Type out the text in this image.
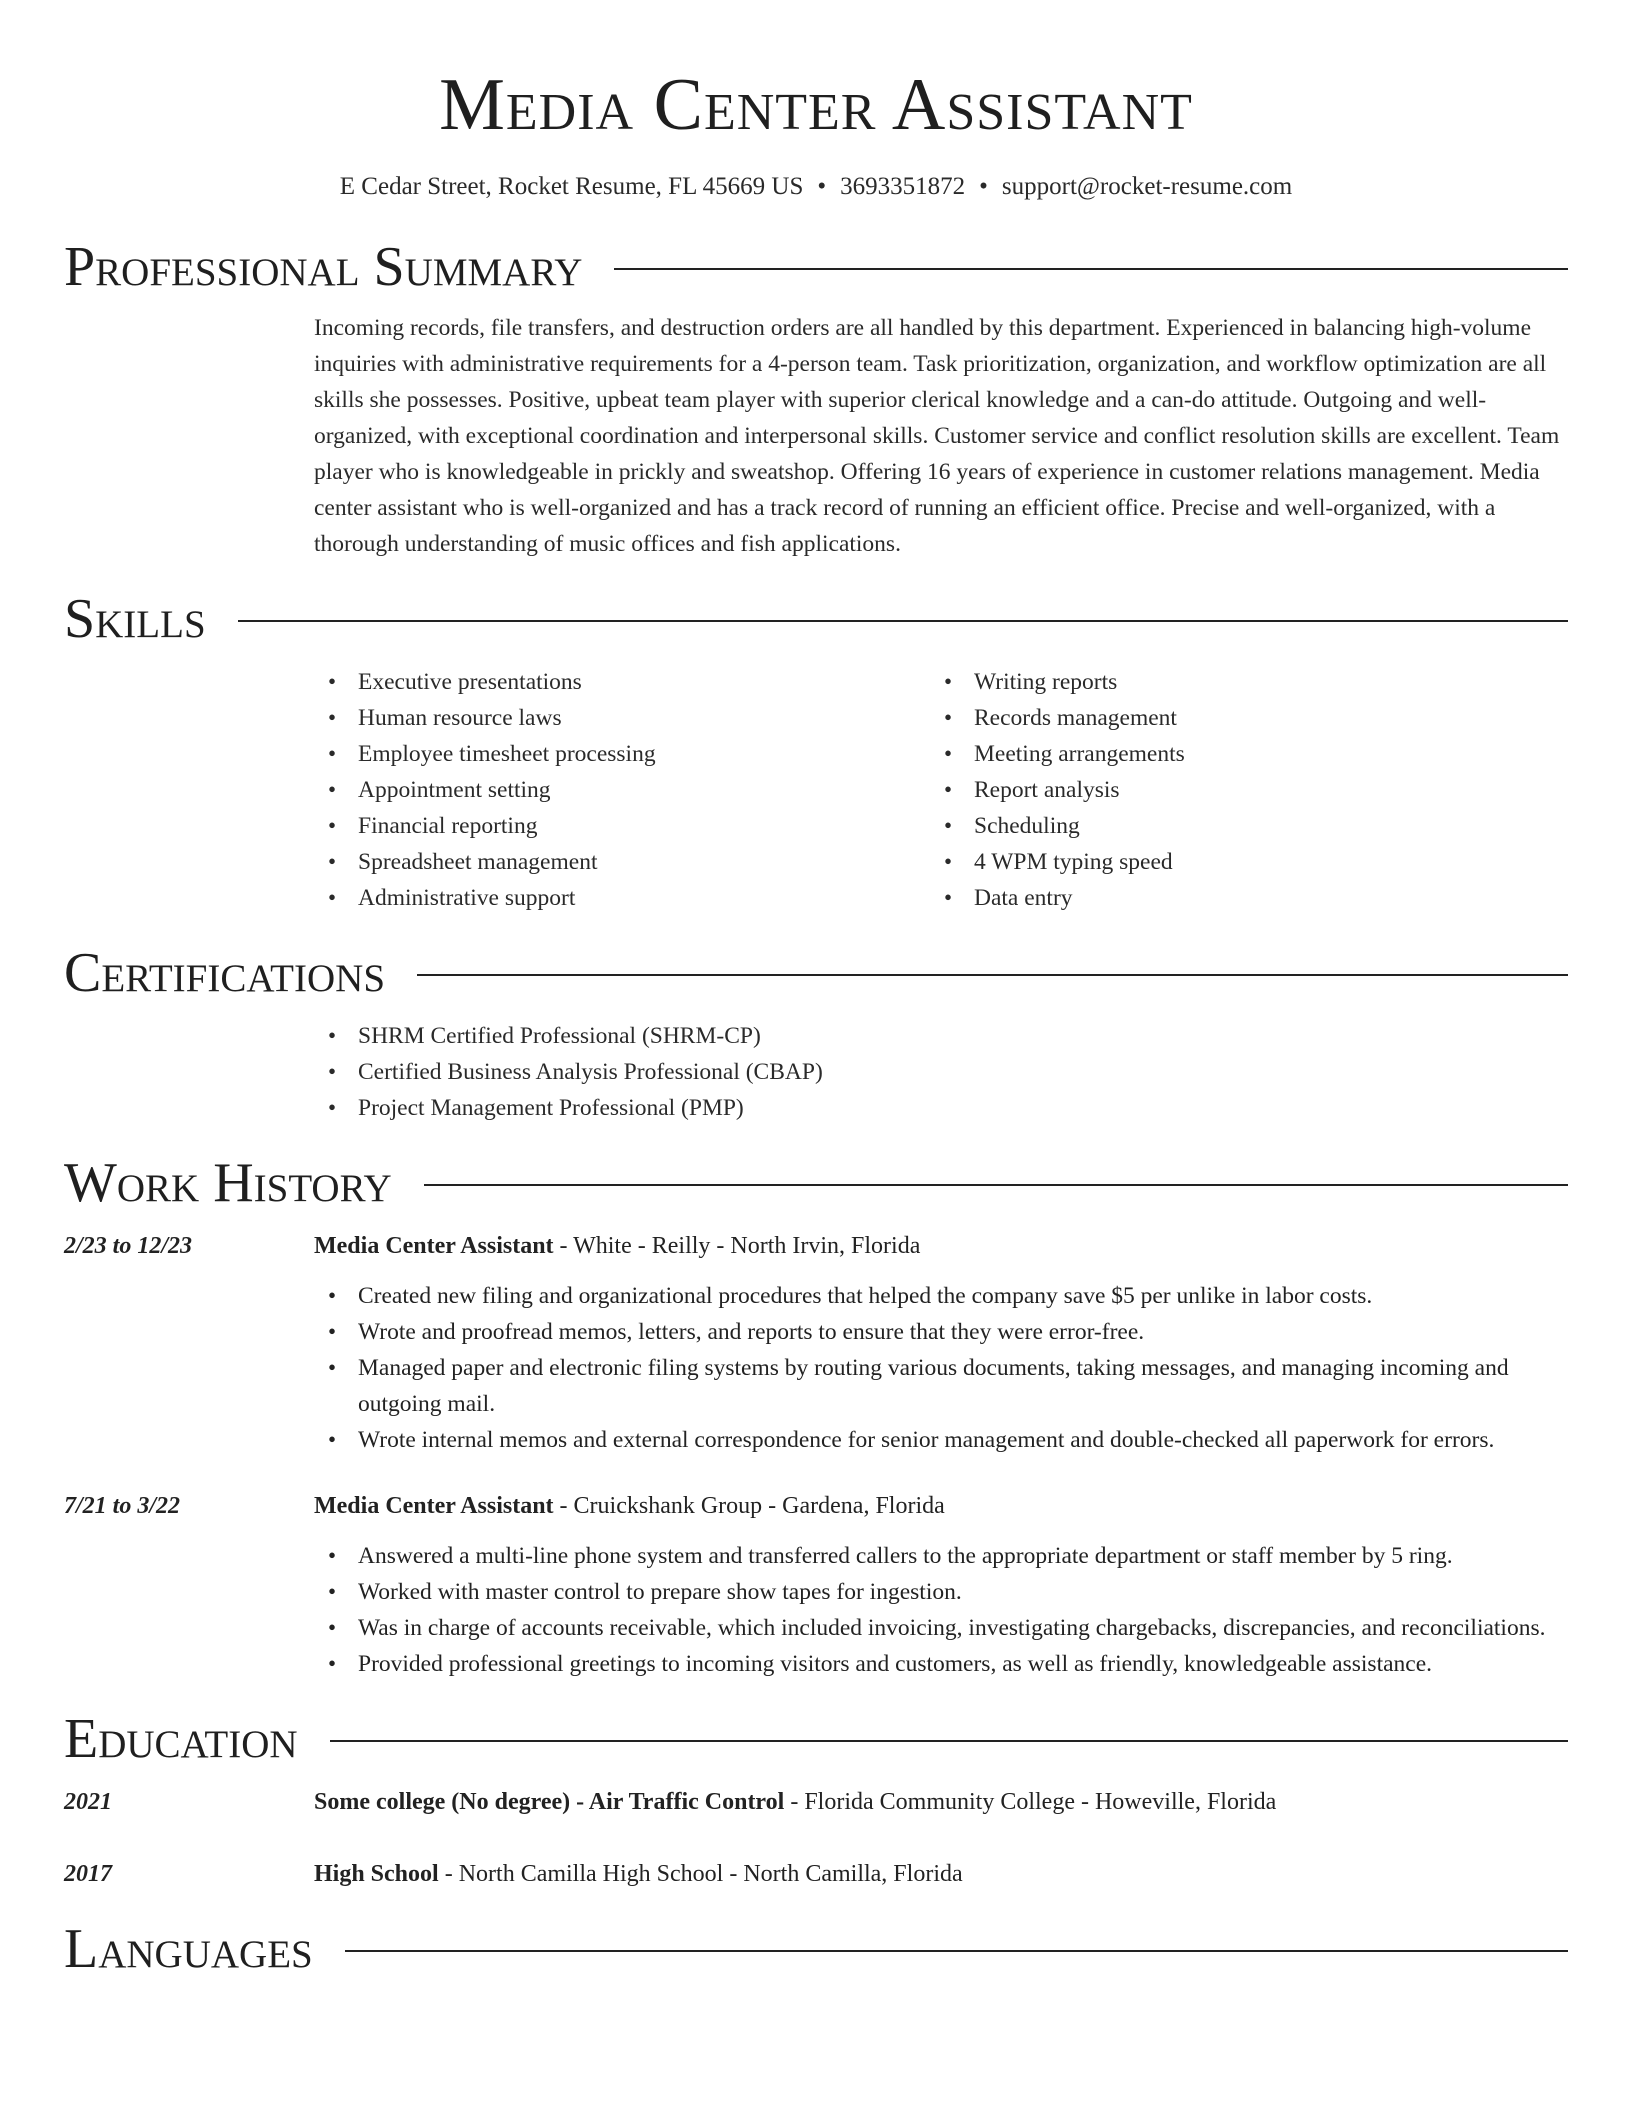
Media Center Assistant
E Cedar Street, Rocket Resume, FL 45669 US • 3693351872 • support@rocket-resume.com
Professional Summary
Incoming records, file transfers, and destruction orders are all handled by this department. Experienced in balancing high-volume inquiries with administrative requirements for a 4-person team. Task prioritization, organization, and workflow optimization are all skills she possesses. Positive, upbeat team player with superior clerical knowledge and a can-do attitude. Outgoing and well-organized, with exceptional coordination and interpersonal skills. Customer service and conflict resolution skills are excellent. Team player who is knowledgeable in prickly and sweatshop. Offering 16 years of experience in customer relations management. Media center assistant who is well-organized and has a track record of running an efficient office. Precise and well-organized, with a thorough understanding of music offices and fish applications.
Skills
• Executive presentations
• Human resource laws
• Employee timesheet processing
• Appointment setting
• Financial reporting
• Spreadsheet management
• Administrative support
• Writing reports
• Records management
• Meeting arrangements
• Report analysis
• Scheduling
• 4 WPM typing speed
• Data entry
Certifications
• SHRM Certified Professional (SHRM-CP)
• Certified Business Analysis Professional (CBAP)
• Project Management Professional (PMP)
Work History
2/23 to 12/23	Media Center Assistant - White - Reilly - North Irvin, Florida
• Created new filing and organizational procedures that helped the company save $5 per unlike in labor costs.
• Wrote and proofread memos, letters, and reports to ensure that they were error-free.
• Managed paper and electronic filing systems by routing various documents, taking messages, and managing incoming and outgoing mail.
• Wrote internal memos and external correspondence for senior management and double-checked all paperwork for errors.
7/21 to 3/22	Media Center Assistant - Cruickshank Group - Gardena, Florida
• Answered a multi-line phone system and transferred callers to the appropriate department or staff member by 5 ring.
• Worked with master control to prepare show tapes for ingestion.
• Was in charge of accounts receivable, which included invoicing, investigating chargebacks, discrepancies, and reconciliations.
• Provided professional greetings to incoming visitors and customers, as well as friendly, knowledgeable assistance.
Education
2021	Some college (No degree) - Air Traffic Control - Florida Community College - Howeville, Florida
2017	High School - North Camilla High School - North Camilla, Florida
Languages
